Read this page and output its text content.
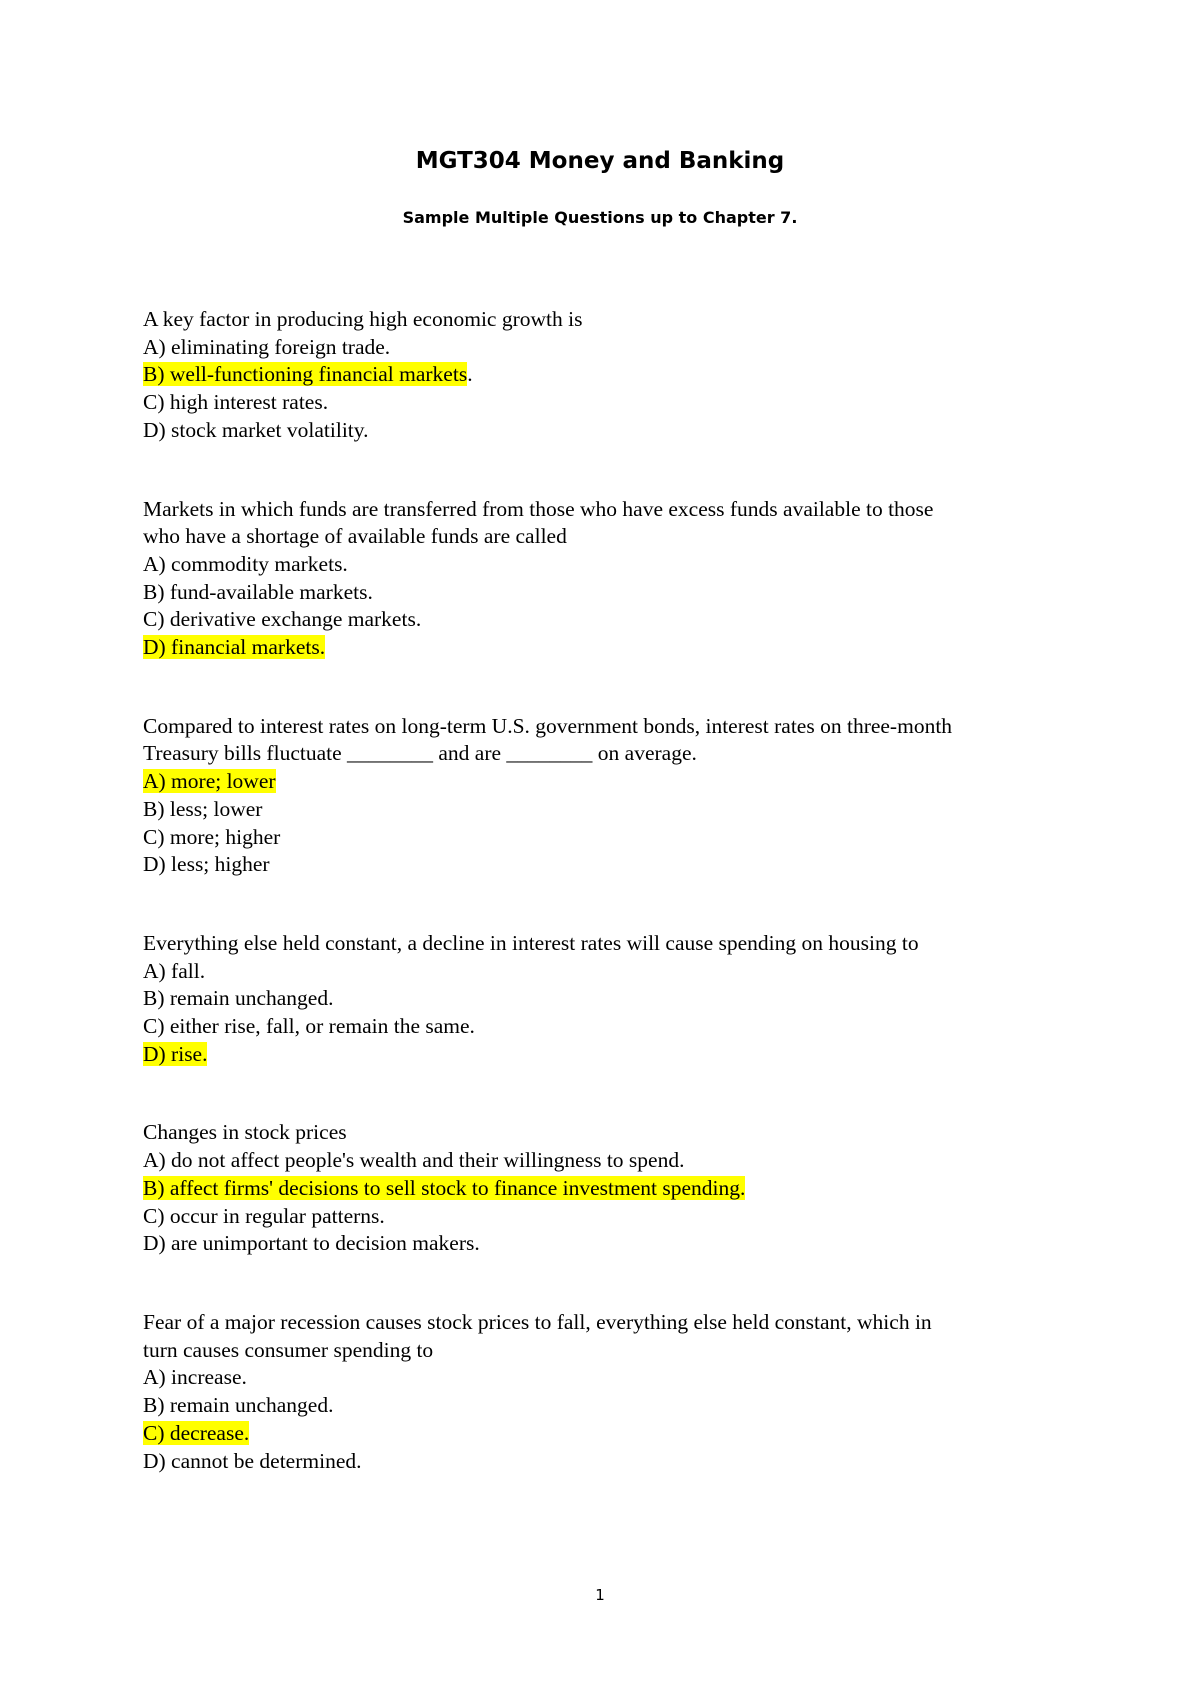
MGT304 Money and Banking
Sample Multiple Questions up to Chapter 7.
A key factor in producing high economic growth is
A) eliminating foreign trade.
B) well-functioning financial markets.
C) high interest rates.
D) stock market volatility.
Markets in which funds are transferred from those who have excess funds available to those
who have a shortage of available funds are called
A) commodity markets.
B) fund-available markets.
C) derivative exchange markets.
D) financial markets.
Compared to interest rates on long-term U.S. government bonds, interest rates on three-month
Treasury bills fluctuate ________ and are ________ on average.
A) more; lower
B) less; lower
C) more; higher
D) less; higher
Everything else held constant, a decline in interest rates will cause spending on housing to
A) fall.
B) remain unchanged.
C) either rise, fall, or remain the same.
D) rise.
Changes in stock prices
A) do not affect people's wealth and their willingness to spend.
B) affect firms' decisions to sell stock to finance investment spending.
C) occur in regular patterns.
D) are unimportant to decision makers.
Fear of a major recession causes stock prices to fall, everything else held constant, which in
turn causes consumer spending to
A) increase.
B) remain unchanged.
C) decrease.
D) cannot be determined.
1
